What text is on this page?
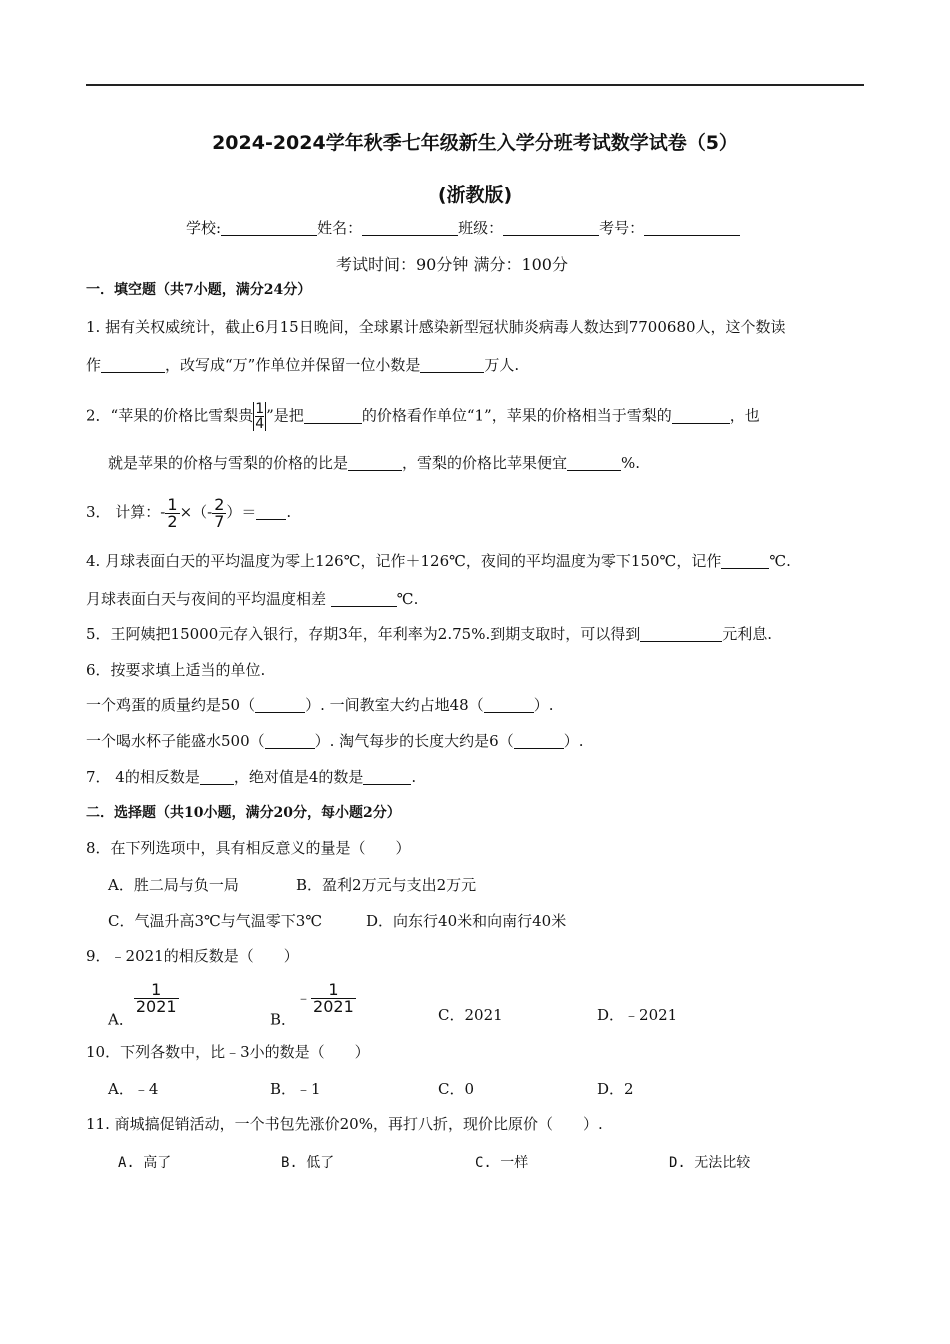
2024-2024学年秋季七年级新生入学分班考试数学试卷（5）
(浙教版)
学校:	姓名：	班级：	考号：
考试时间：90分钟 满分：100分
一．填空题（共7小题，满分24分）
1. 据有关权威统计，截止6月15日晚间，全球累计感染新型冠状肺炎病毒人数达到7700680人，这个数读
作	，改写成“万”作单位并保留一位小数是	万人.
2．“苹果的价格比雪梨贵$\frac{1}{4}$ ”是把	的价格看作单位“1”，苹果的价格相当于雪梨的	，也
就是苹果的价格与雪梨的价格的比是	，雪梨的价格比苹果便宜	%.
3． 计算：- $\frac{1}{2}$ ×（- $\frac{2}{7}$ ）＝ .
4. 月球表面白天的平均温度为零上126℃，记作＋126℃，夜间的平均温度为零下150℃，记作	℃.
月球表面白天与夜间的平均温度相差	℃.
5．王阿姨把15000元存入银行，存期3年，年利率为2.75%.到期支取时，可以得到	元利息.
6．按要求填上适当的单位.
一个鸡蛋的质量约是50（	）. 一间教室大约占地48（	）.
一个喝水杯子能盛水500（	）. 淘气每步的长度大约是6（	）.
7． 4的相反数是 ，绝对值是4的数是	.
二．选择题（共10小题，满分20分，每小题2分）
8．在下列选项中，具有相反意义的量是（　　）
A．胜二局与负一局	B．盈利2万元与支出2万元
C．气温升高3℃与气温零下3℃	D．向东行40米和向南行40米
9．﹣2021的相反数是（　　）
A．
$\frac{1}{2021}$
B．﹣ $\frac{1}{2021}$	C．2021	D．﹣2021
10．下列各数中，比﹣3小的数是（　　）
A．﹣4	B．﹣1	C．0	D．2
11. 商城搞促销活动，一个书包先涨价20%，再打八折，现价比原价（　　）.
A. 高了	B. 低了	C. 一样	D. 无法比较
